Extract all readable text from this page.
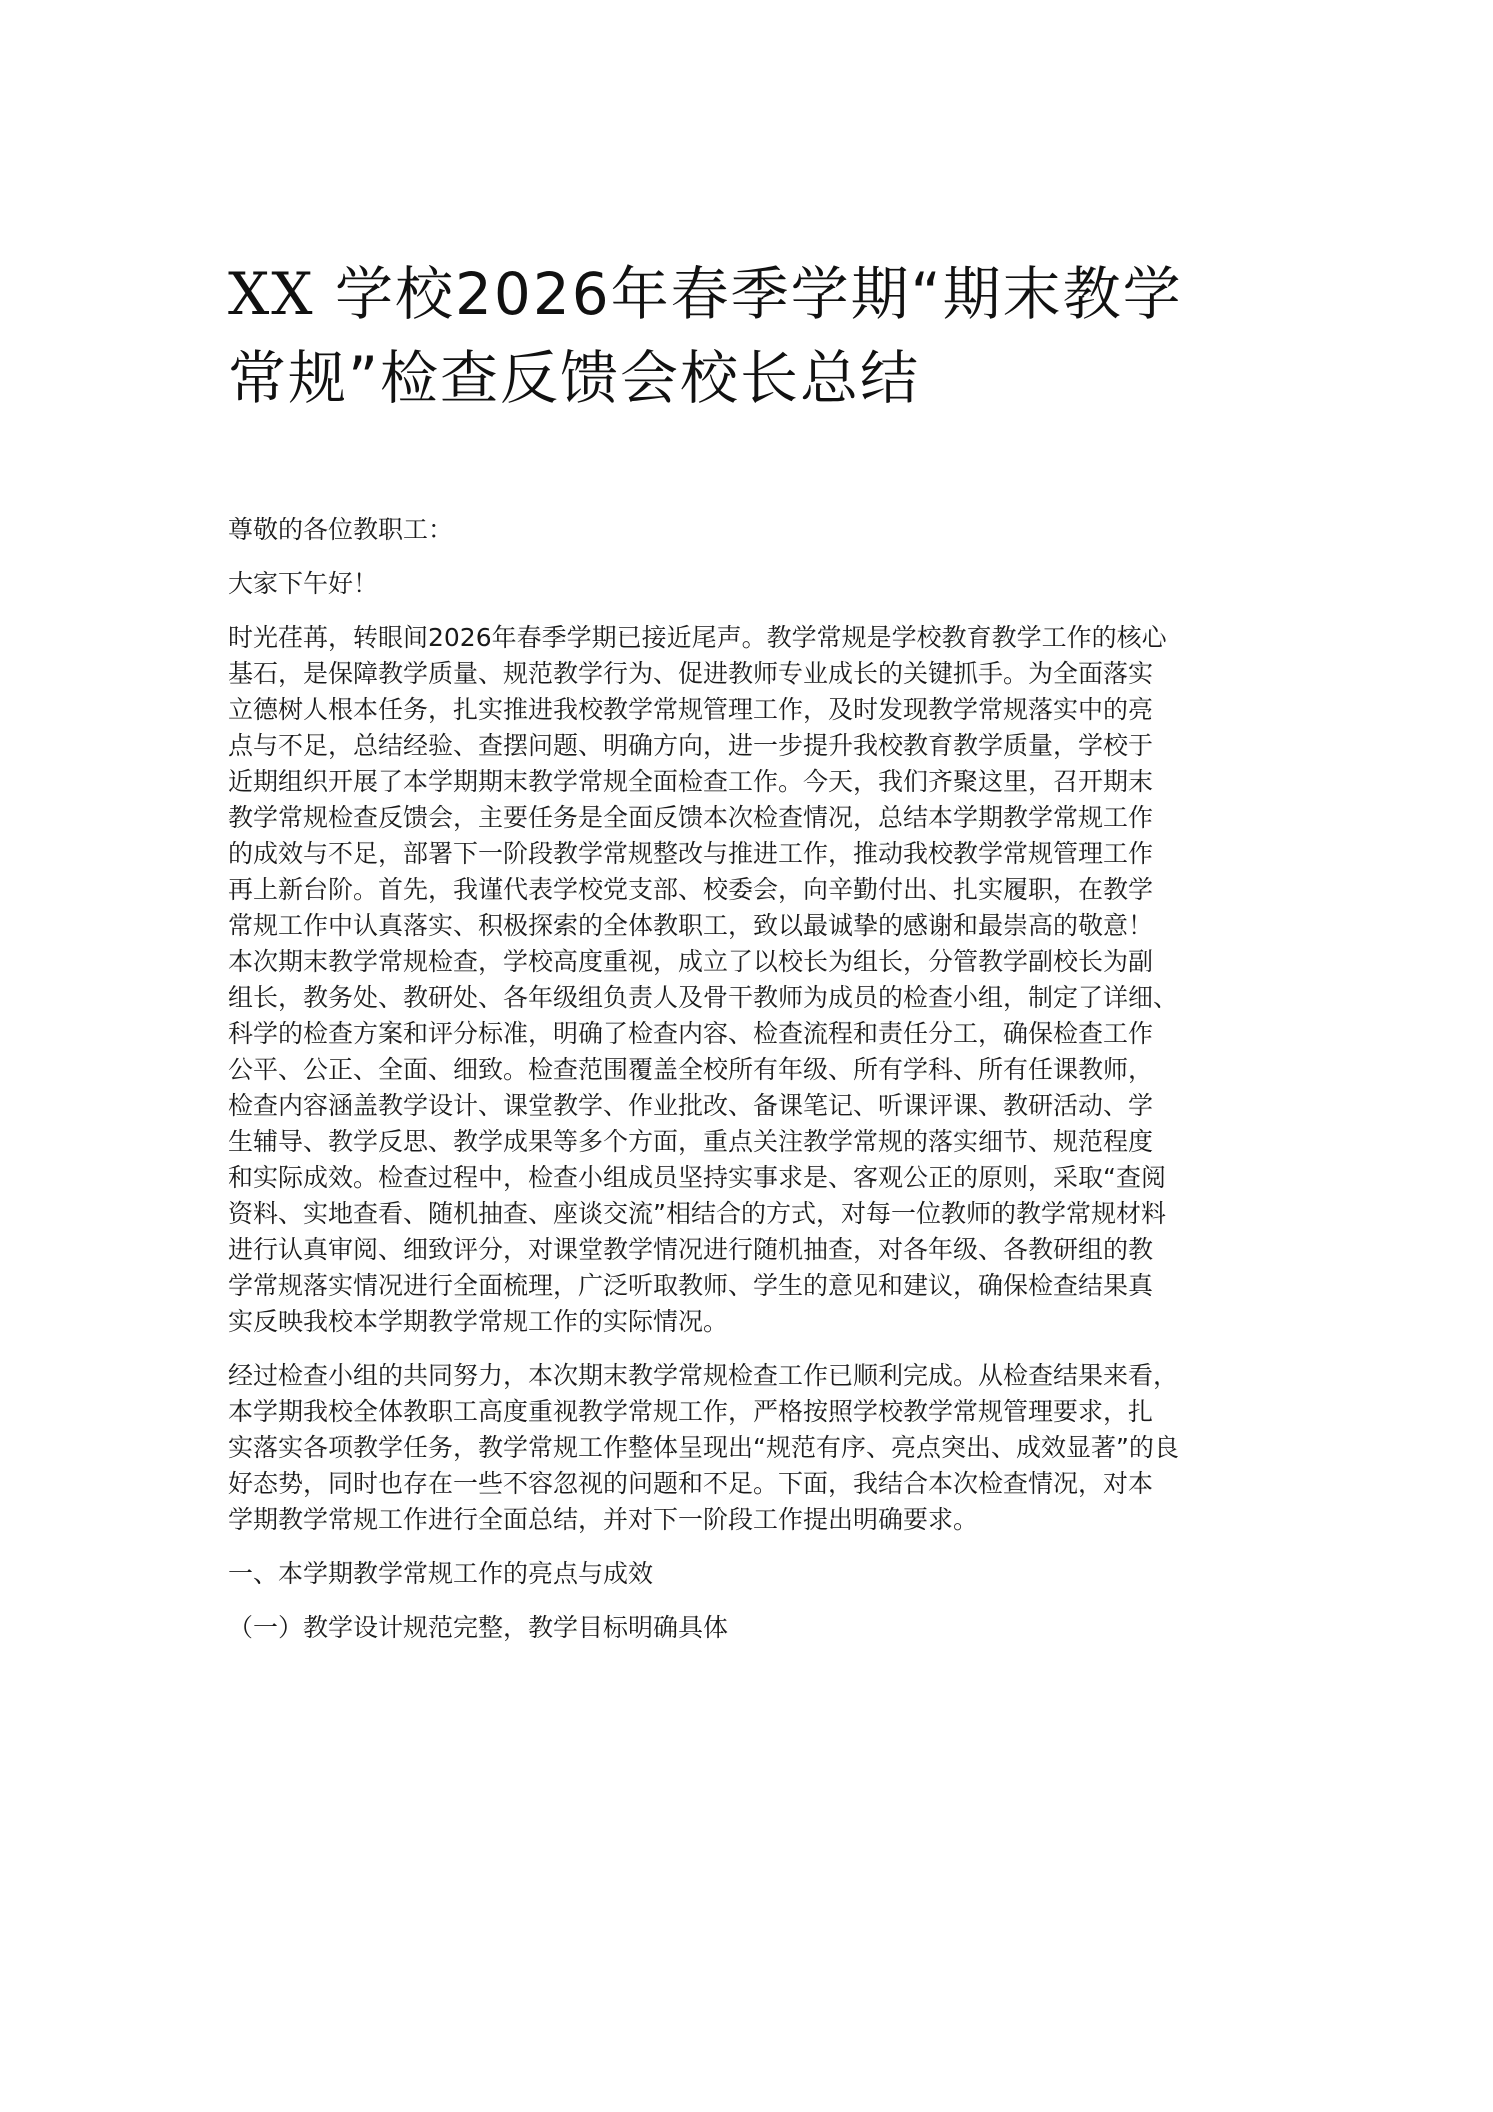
XX 学校2026年春季学期“期末教学
常规”检查反馈会校长总结
尊敬的各位教职工：
大家下午好！
时光荏苒，转眼间2026年春季学期已接近尾声。教学常规是学校教育教学工作的核心
基石，是保障教学质量、规范教学行为、促进教师专业成长的关键抓手。为全面落实
立德树人根本任务，扎实推进我校教学常规管理工作，及时发现教学常规落实中的亮
点与不足，总结经验、查摆问题、明确方向，进一步提升我校教育教学质量，学校于
近期组织开展了本学期期末教学常规全面检查工作。今天，我们齐聚这里，召开期末
教学常规检查反馈会，主要任务是全面反馈本次检查情况，总结本学期教学常规工作
的成效与不足，部署下一阶段教学常规整改与推进工作，推动我校教学常规管理工作
再上新台阶。首先，我谨代表学校党支部、校委会，向辛勤付出、扎实履职，在教学
常规工作中认真落实、积极探索的全体教职工，致以最诚挚的感谢和最崇高的敬意！
本次期末教学常规检查，学校高度重视，成立了以校长为组长，分管教学副校长为副
组长，教务处、教研处、各年级组负责人及骨干教师为成员的检查小组，制定了详细、
科学的检查方案和评分标准，明确了检查内容、检查流程和责任分工，确保检查工作
公平、公正、全面、细致。检查范围覆盖全校所有年级、所有学科、所有任课教师，
检查内容涵盖教学设计、课堂教学、作业批改、备课笔记、听课评课、教研活动、学
生辅导、教学反思、教学成果等多个方面，重点关注教学常规的落实细节、规范程度
和实际成效。检查过程中，检查小组成员坚持实事求是、客观公正的原则，采取“查阅
资料、实地查看、随机抽查、座谈交流”相结合的方式，对每一位教师的教学常规材料
进行认真审阅、细致评分，对课堂教学情况进行随机抽查，对各年级、各教研组的教
学常规落实情况进行全面梳理，广泛听取教师、学生的意见和建议，确保检查结果真
实反映我校本学期教学常规工作的实际情况。
经过检查小组的共同努力，本次期末教学常规检查工作已顺利完成。从检查结果来看，
本学期我校全体教职工高度重视教学常规工作，严格按照学校教学常规管理要求，扎
实落实各项教学任务，教学常规工作整体呈现出“规范有序、亮点突出、成效显著”的良
好态势，同时也存在一些不容忽视的问题和不足。下面，我结合本次检查情况，对本
学期教学常规工作进行全面总结，并对下一阶段工作提出明确要求。
一、本学期教学常规工作的亮点与成效
（一）教学设计规范完整，教学目标明确具体
